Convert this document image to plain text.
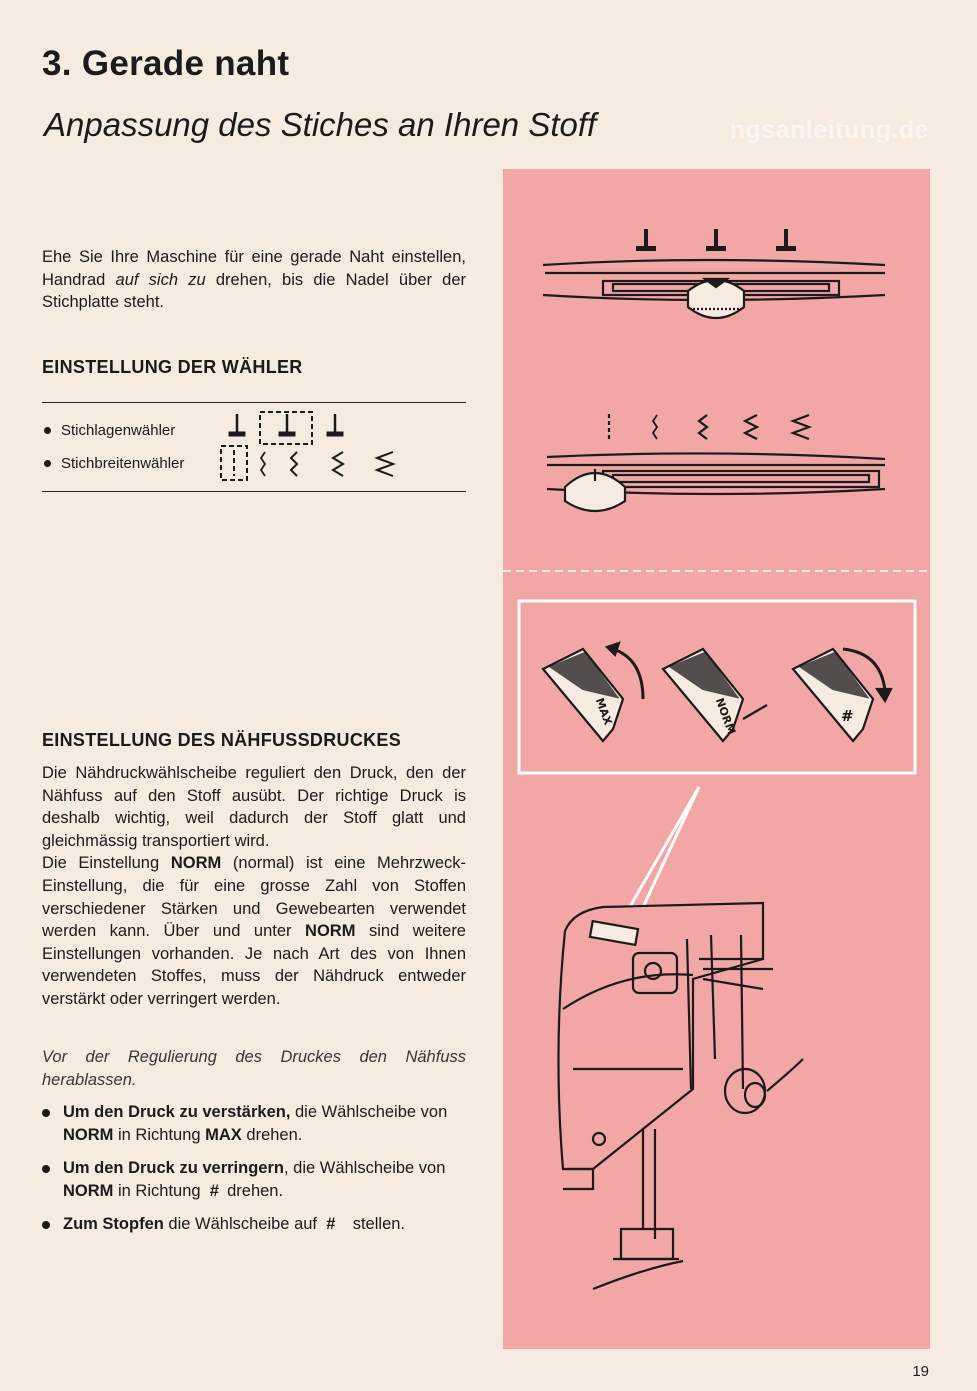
3. Gerade naht
Anpassung des Stiches an Ihren Stoff	ngsanleitung.de

Ehe Sie Ihre Maschine für eine gerade Naht einstellen, Handrad auf sich zu drehen, bis die Nadel über der Stichplatte steht.

EINSTELLUNG DER WÄHLER
Stichlagenwähler
Stichbreitenwähler
EINSTELLUNG DES NÄHFUSSDRUCKES
Die Nähdruckwählscheibe reguliert den Druck, den der Nähfuss auf den Stoff ausübt. Der richtige Druck is deshalb wichtig, weil dadurch der Stoff glatt und gleichmässig transportiert wird.
Die Einstellung NORM (normal) ist eine Mehrzweck-Einstellung, die für eine grosse Zahl von Stoffen verschiedener Stärken und Gewebearten verwendet werden kann. Über und unter NORM sind weitere Einstellungen vorhanden. Je nach Art des von Ihnen verwendeten Stoffes, muss der Nähdruck entweder verstärkt oder verringert werden.
Vor der Regulierung des Druckes den Nähfuss herablassen.
Um den Druck zu verstärken, die Wählscheibe von NORM in Richtung MAX drehen.
Um den Druck zu verringern, die Wählscheibe von NORM in Richtung  #  drehen.
Zum Stopfen die Wählscheibe auf  #    stellen.
MAX	NORM	#
19
